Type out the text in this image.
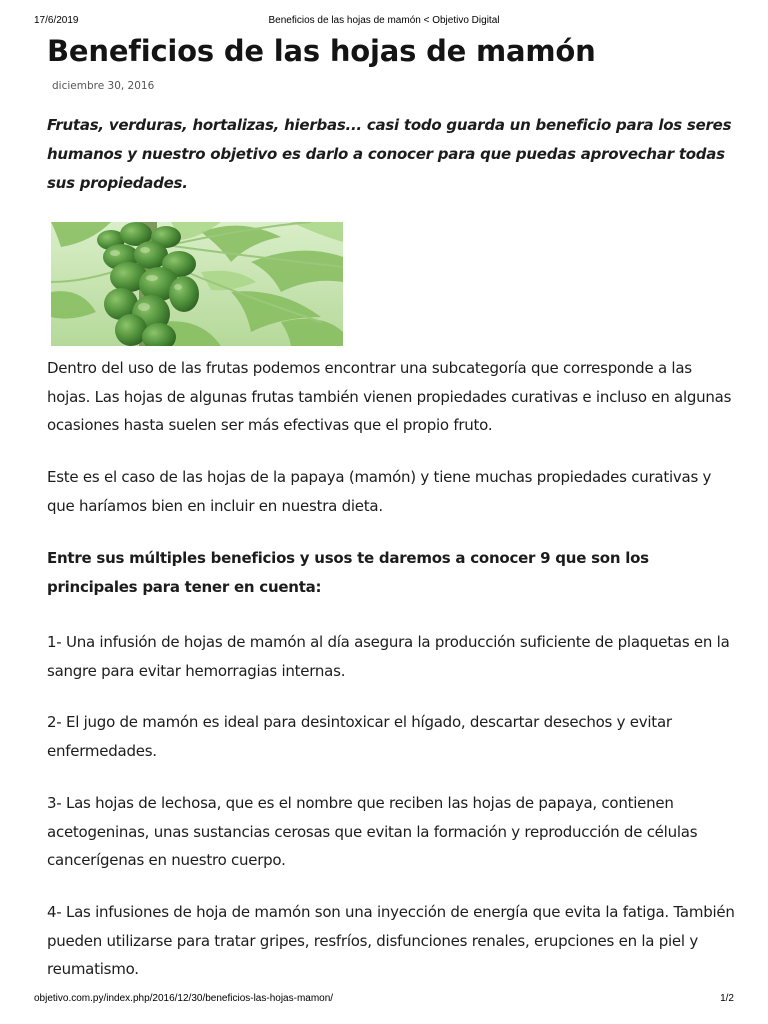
17/6/2019	Beneficios de las hojas de mamón < Objetivo Digital
Beneficios de las hojas de mamón
diciembre 30, 2016

Frutas, verduras, hortalizas, hierbas... casi todo guarda un beneficio para los seres humanos y nuestro objetivo es darlo a conocer para que puedas aprovechar todas sus propiedades.

Dentro del uso de las frutas podemos encontrar una subcategoría que corresponde a las hojas. Las hojas de algunas frutas también vienen propiedades curativas e incluso en algunas ocasiones hasta suelen ser más efectivas que el propio fruto.

Este es el caso de las hojas de la papaya (mamón) y tiene muchas propiedades curativas y que haríamos bien en incluir en nuestra dieta.

Entre sus múltiples beneficios y usos te daremos a conocer 9 que son los principales para tener en cuenta:

1- Una infusión de hojas de mamón al día asegura la producción suficiente de plaquetas en la sangre para evitar hemorragias internas.

2- El jugo de mamón es ideal para desintoxicar el hígado, descartar desechos y evitar enfermedades.

3- Las hojas de lechosa, que es el nombre que reciben las hojas de papaya, contienen acetogeninas, unas sustancias cerosas que evitan la formación y reproducción de células cancerígenas en nuestro cuerpo.

4- Las infusiones de hoja de mamón son una inyección de energía que evita la fatiga. También pueden utilizarse para tratar gripes, resfríos, disfunciones renales, erupciones en la piel y reumatismo.

objetivo.com.py/index.php/2016/12/30/beneficios-las-hojas-mamon/	1/2
